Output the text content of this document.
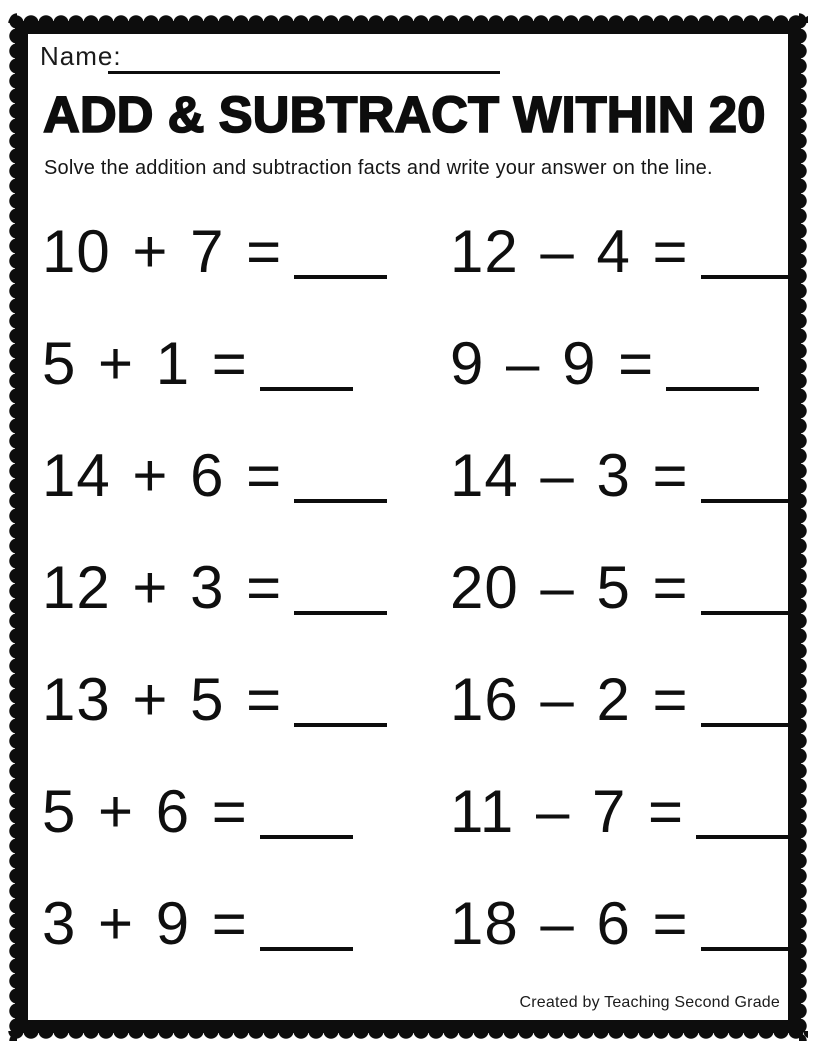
Name:
ADD & SUBTRACT WITHIN 20

Solve the addition and subtraction facts and write your answer on the line.

10 + 7 =	12 – 4 =
5 + 1 =	9 – 9 =
14 + 6 =	14 – 3 =
12 + 3 =	20 – 5 =
13 + 5 =	16 – 2 =
5 + 6 =	11 – 7 =
3 + 9 =	18 – 6 =
Created by Teaching Second Grade
